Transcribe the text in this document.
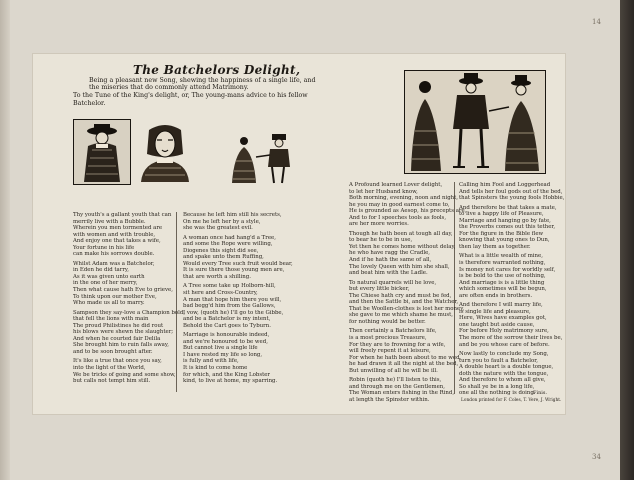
14
34
The Batchelors Delight,
Being a pleasant new Song, shewing the happiness of a single life, and
the miseries that do commonly attend Matrimony.
To the Tune of the King's delight, or, The young-mans advice to his fellow
Batchelor.

Thy youth's a gallant youth that can

merrily live with a Bubble.

Wherein you men tormented are

with women and with trouble,

And enjoy one that takes a wife,

Your fortune in his life

can make his sorrows double.

Whilst Adam was a Batchelor,

in Eden he did tarry,

As it was given unto earth

in the one of her merry,

Then what cause hath Eve to grieve,

To think upon our mother Eve,

Who made us all to marry.

Sampson they say-love a Champion bold,

that fell the lions with main

The proud Philistines he did rout

his blows were shewn the slaughter;

And when he courted fair Delila

She brought him to ruin falls away,

and to be soon brought after.

It's like a true that once you say,

into the light of the World,

We be tricks of going and some show,

but calls not tempt him still.

Because he left him still his secrets,

On me he left her by a style,

she was the greatest evil.

A woman once had hang'd a Tree,

and some the Rope were willing,

Diogenes this sight did see,

and spake unto them Ruffing,

Would every Tree such fruit would bear,

It is sure there those young men are,

that are worth a shilling.

A Tree some take up Holborn-hill,

sit here and Cross-Country,

A man that hope him there you will,

bad begg'd him from the Gallows,

I vow, (quoth he) I'll go to the Gibbe,

and be a Batchelor is my intent,

Behold the Cart goes to Tyburn.

Marriage is honourable indeed,

and we're honoured to be wed,

But cannot live a single life

I have rested my life so long,

is fully and with life,

It is kind to come home

for which, and the King Lobster

kind, to live at home, my sparring.

A Profound learned Lover delight,

to let her Husband know,

Both morning, evening, noon and night,

he you may in good earnest come to,

He is grounded as Aesop, his precepts are,

And to for I speeches tools as fools,

are her more worries.

Though he hath been at tough all day,

to bear he to be in use,

Yet then he comes home without delay,

he who have ragg the Cradle,

And if he hath the same of all,

The lovely Queen with him she shall,

and beat him with the Ladle.

To natural quarrels will he love,

but every little bicker,

The Chiese hath cry and must be fed,

and then the Sattle bi, and the Watcher,

That be Woollen-clothes is lost her money,

she gave to me which shame he must,

for nothing would be better.

Then certainly a Batchelors life,

is a most precious Treasure,

For they are to frowning for a wife,

will freely repent it at leisure,

For when he hath been about to me wed,

he had drawn it all the night at the bed,

But unwilling of all he will be ill.

Robin (quoth he) I'll listen to this,

and through me on the Gentlemen,

The Woman enters fishing in the Rind,

at length the Spinster within.

Calling him Fool and Loggerhead

And tells her foul gods out of the bed,

that Spinsters the young fools Hobbie,

And therefore be that takes a mate,

to live a happy life of Pleasure,

Marriage and hanging go by fate,

the Proverbs comes out this tether,

For the figure in the Bible flew

knowing that young ones to Dun,

then lay them as together.

What is a little wealth of mine,

is therefore warranted nothing,

Is money not cares for worldly self,

is be bold to the use of nothing,

And marriage is is a little thing

which sometimes will be begun,

are often ends in brothers.

And therefore I will marry life,

is single life and pleasure,

Here, Wives have examples got,

one taught but aside cause,

For before Holy matrimony sure,

The more of the sorrow their lives be,

and be you whose care of before.

Now lastly to conclude my Song,

turn you to fault a Batchelor,

A double heart is a double tongue,

doth the nature with the tongue,

And therefore to whom all give,

So shall ye be in a long life,

one all the nothing is doing.

Finis.
London printed for F. Coles, T. Vere, J. Wright.
